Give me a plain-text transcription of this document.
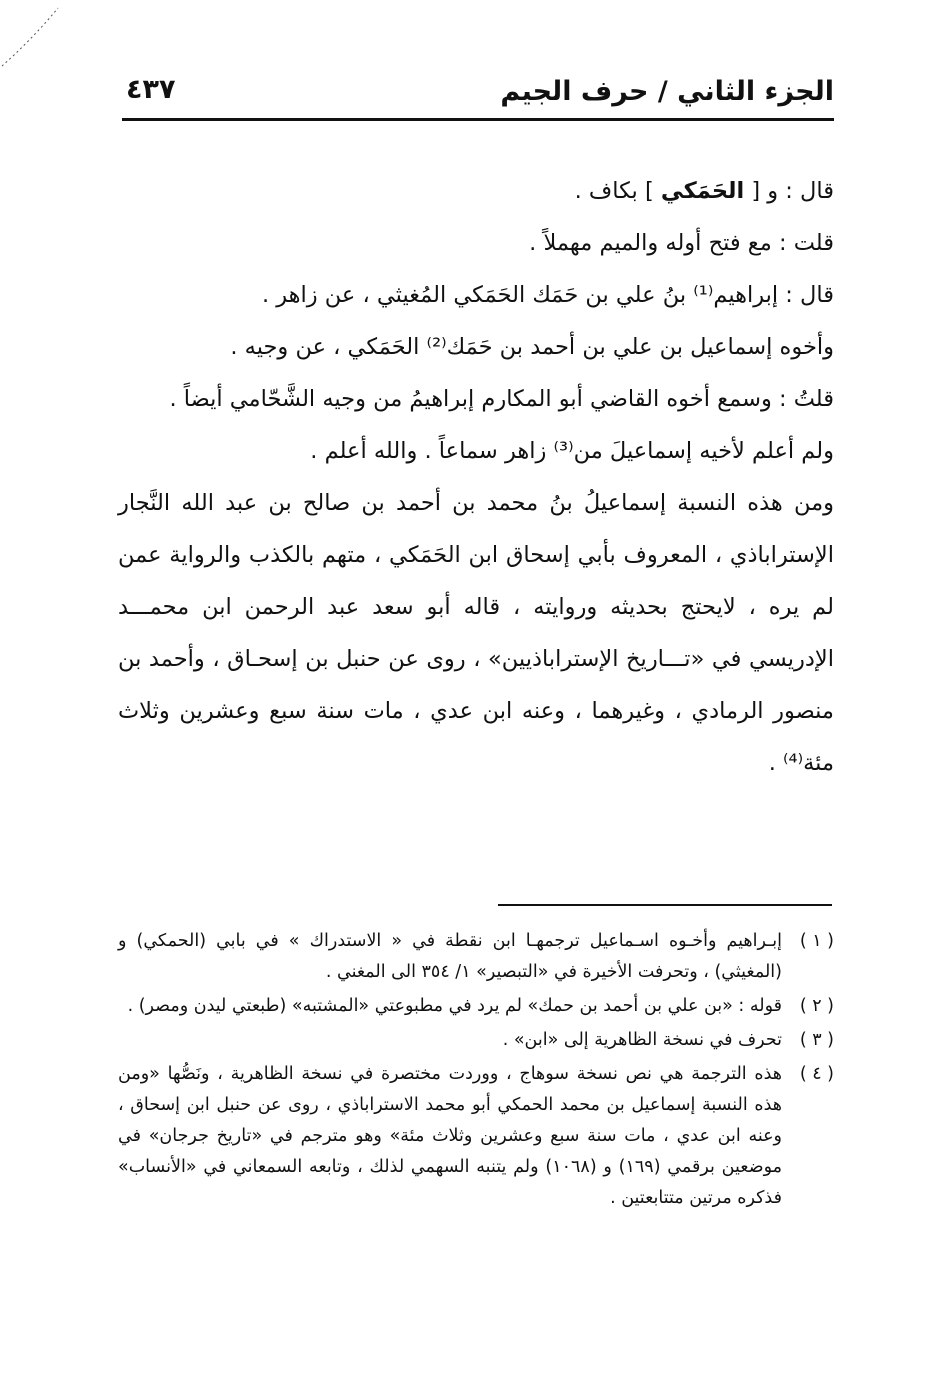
الجزء الثاني / حرف الجيم
٤٣٧

قال : و [ الحَمَكي ] بكاف .

قلت : مع فتح أوله والميم مهملاً .

قال : إبراهيم⁽¹⁾ بنُ علي بن حَمَك الحَمَكي المُغيثي ، عن زاهر .

وأخوه إسماعيل بن علي بن أحمد بن حَمَك⁽²⁾ الحَمَكي ، عن وجيه .

قلتُ : وسمع أخوه القاضي أبو المكارم إبراهيمُ من وجيه الشَّحّامي أيضاً .

ولم أعلم لأخيه إسماعيلَ من⁽³⁾ زاهر سماعاً . والله أعلم .

ومن هذه النسبة إسماعيلُ بنُ محمد بن أحمد بن صالح بن عبد الله النَّجار الإستراباذي ، المعروف بأبي إسحاق ابن الحَمَكي ، متهم بالكذب والرواية عمن لم يره ، لايحتج بحديثه وروايته ، قاله أبو سعد عبد الرحمن ابن محمـــد الإدريسي في «تـــاريخ الإستراباذيين» ، روى عن حنبل بن إسحـاق ، وأحمد بن منصور الرمادي ، وغيرهما ، وعنه ابن عدي ، مات سنة سبع وعشرين وثلاث مئة⁽⁴⁾ .

( ١ )
إبـراهيم وأخـوه اسـماعيل ترجمهـا ابن نقطة في « الاستدراك » في بابي (الحمكي) و (المغيثي) ، وتحرفت الأخيرة في «التبصير» ١/ ٣٥٤ الى المغني .
( ٢ )
قوله : «بن علي بن أحمد بن حمك» لم يرد في مطبوعتي «المشتبه» (طبعتي ليدن ومصر) .
( ٣ )
تحرف في نسخة الظاهرية إلى «ابن» .
( ٤ )
هذه الترجمة هي نص نسخة سوهاج ، ووردت مختصرة في نسخة الظاهرية ، ونَصُّها «ومن هذه النسبة إسماعيل بن محمد الحمكي أبو محمد الاستراباذي ، روى عن حنبل ابن إسحاق ، وعنه ابن عدي ، مات سنة سبع وعشرين وثلاث مئة» وهو مترجم في «تاريخ جرجان» في موضعين برقمي (١٦٩) و (١٠٦٨) ولم يتنبه السهمي لذلك ، وتابعه السمعاني في «الأنساب» فذكره مرتين متتابعتين .
